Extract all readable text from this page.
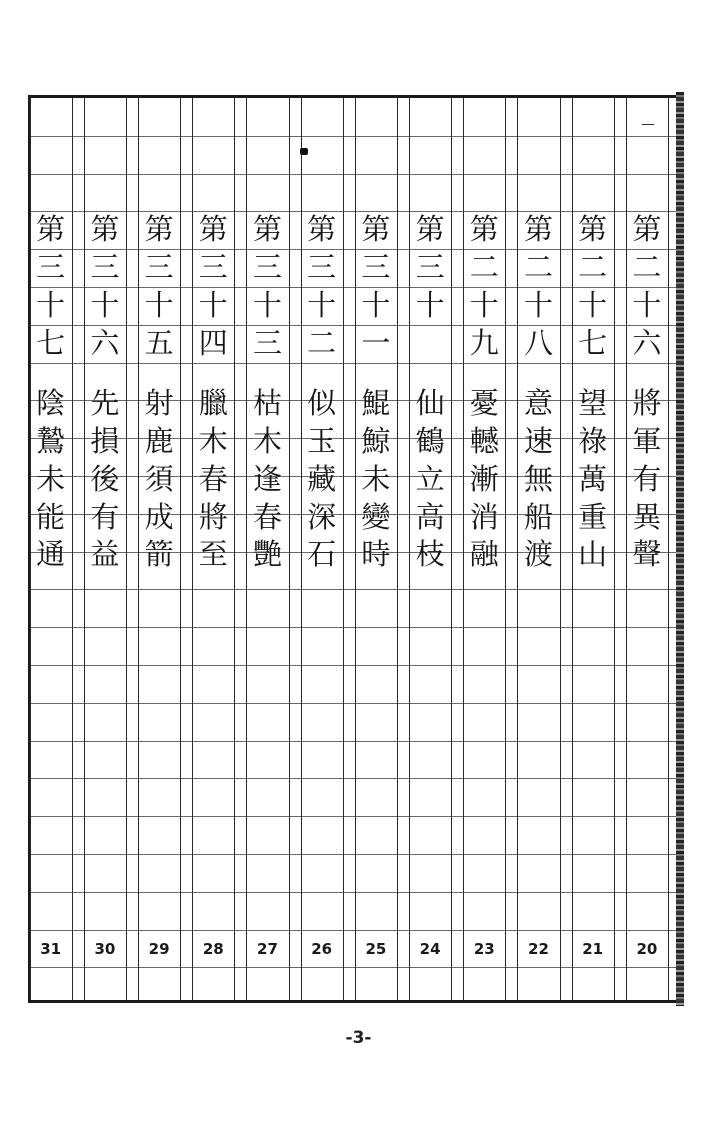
第
二
十
六
將
軍
有
異
聲
20
第
二
十
七
望
祿
萬
重
山
21
第
二
十
八
意
速
無
船
渡
22
第
二
十
九
憂
轗
漸
消
融
23
第
三
十
仙
鶴
立
高
枝
24
第
三
十
一
鯤
鯨
未
變
時
25
第
三
十
二
似
玉
藏
深
石
26
第
三
十
三
枯
木
逢
春
艷
27
第
三
十
四
臘
木
春
將
至
28
第
三
十
五
射
鹿
須
成
箭
29
第
三
十
六
先
損
後
有
益
30
第
三
十
七
陰
鷙
未
能
通
31
-3-
